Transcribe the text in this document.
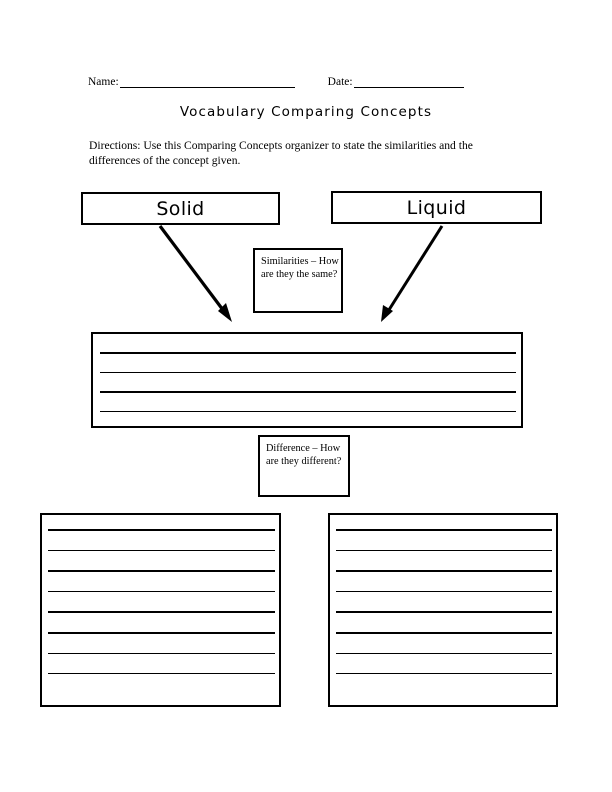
Name:	Date:
Vocabulary Comparing Concepts
Directions: Use this Comparing Concepts organizer to state the similarities and the differences of the concept given.
Solid	Liquid
Similarities – How are they the same?
Difference – How are they different?
